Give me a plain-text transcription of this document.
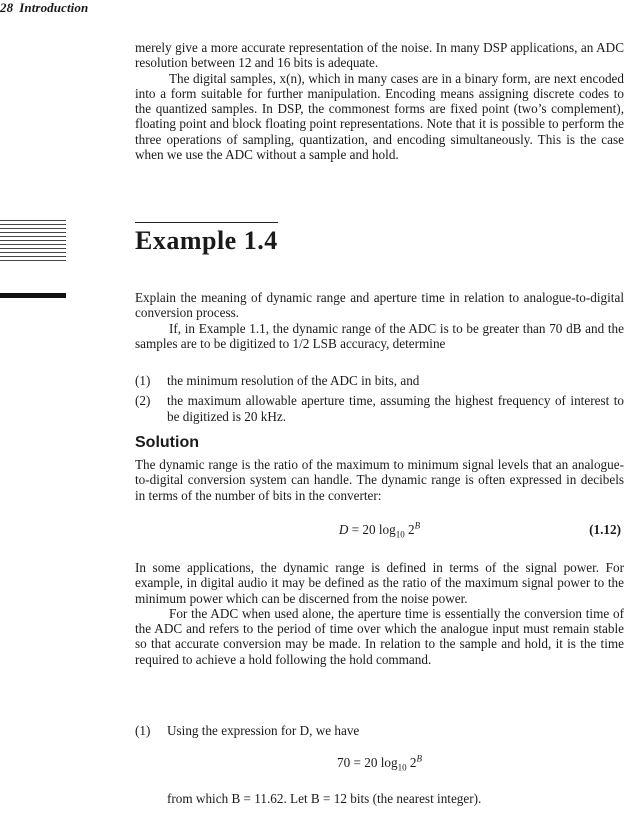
28 Introduction

merely give a more accurate representation of the noise. In many DSP applications, an ADC resolution between 12 and 16 bits is adequate.

The digital samples, x(n), which in many cases are in a binary form, are next encoded into a form suitable for further manipulation. Encoding means assigning discrete codes to the quantized samples. In DSP, the commonest forms are fixed point (two’s complement), floating point and block floating point representations. Note that it is possible to perform the three operations of sampling, quantization, and encoding simultaneously. This is the case when we use the ADC without a sample and hold.

Example 1.4

Explain the meaning of dynamic range and aperture time in relation to analogue-to-digital conversion process.

If, in Example 1.1, the dynamic range of the ADC is to be greater than 70 dB and the samples are to be digitized to 1/2 LSB accuracy, determine

(1) the minimum resolution of the ADC in bits, and
(2) the maximum allowable aperture time, assuming the highest frequency of interest to be digitized is 20 kHz.
Solution
The dynamic range is the ratio of the maximum to minimum signal levels that an analogue-to-digital conversion system can handle. The dynamic range is often expressed in decibels in terms of the number of bits in the converter:
D = 20 $\log_{10} 2^B$	(1.12)

In some applications, the dynamic range is defined in terms of the signal power. For example, in digital audio it may be defined as the ratio of the maximum signal power to the minimum power which can be discerned from the noise power.

For the ADC when used alone, the aperture time is essentially the conversion time of the ADC and refers to the period of time over which the analogue input must remain stable so that accurate conversion may be made. In relation to the sample and hold, it is the time required to achieve a hold following the hold command.

(1) Using the expression for D, we have
70 = 20 $\log_{10} 2^B$
from which B = 11.62. Let B = 12 bits (the nearest integer).
